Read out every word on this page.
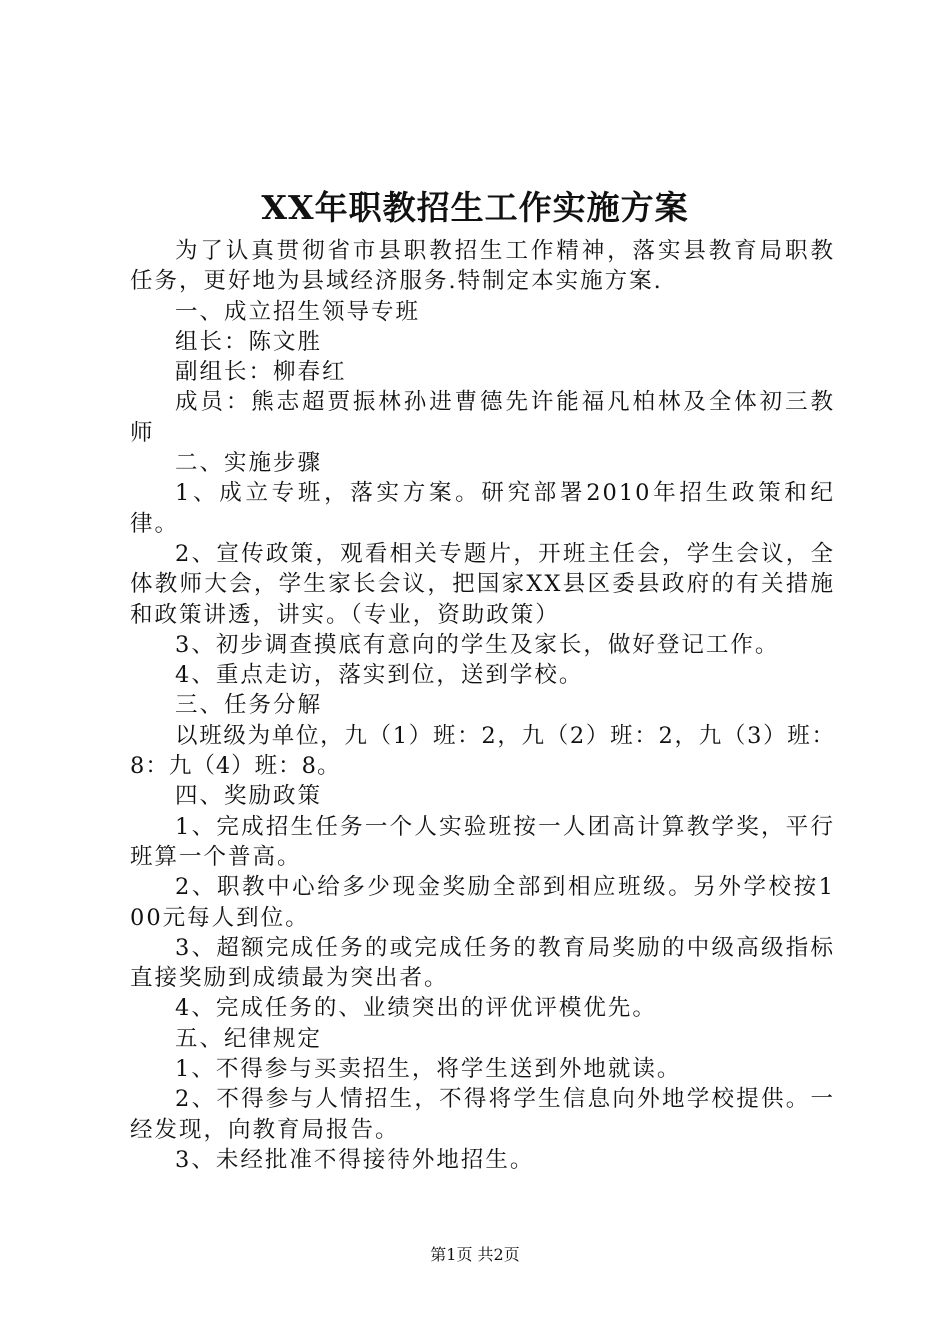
XX年职教招生工作实施方案

为了认真贯彻省市县职教招生工作精神，落实县教育局职教任务，更好地为县域经济服务.特制定本实施方案.

一、成立招生领导专班

组长：陈文胜

副组长：柳春红

成员：熊志超贾振林孙进曹德先许能福凡柏林及全体初三教师

二、实施步骤

1、成立专班，落实方案。研究部署2010年招生政策和纪律。

2、宣传政策，观看相关专题片，开班主任会，学生会议，全体教师大会，学生家长会议，把国家XX县区委县政府的有关措施和政策讲透，讲实。（专业，资助政策）

3、初步调查摸底有意向的学生及家长，做好登记工作。

4、重点走访，落实到位，送到学校。

三、任务分解

以班级为单位，九（1）班：2，九（2）班：2，九（3）班：8：九（4）班：8。

四、奖励政策

1、完成招生任务一个人实验班按一人团高计算教学奖，平行班算一个普高。

2、职教中心给多少现金奖励全部到相应班级。另外学校按100元每人到位。

3、超额完成任务的或完成任务的教育局奖励的中级高级指标直接奖励到成绩最为突出者。

4、完成任务的、业绩突出的评优评模优先。

五、纪律规定

1、不得参与买卖招生，将学生送到外地就读。

2、不得参与人情招生，不得将学生信息向外地学校提供。一经发现，向教育局报告。

3、未经批准不得接待外地招生。

第1页 共2页
